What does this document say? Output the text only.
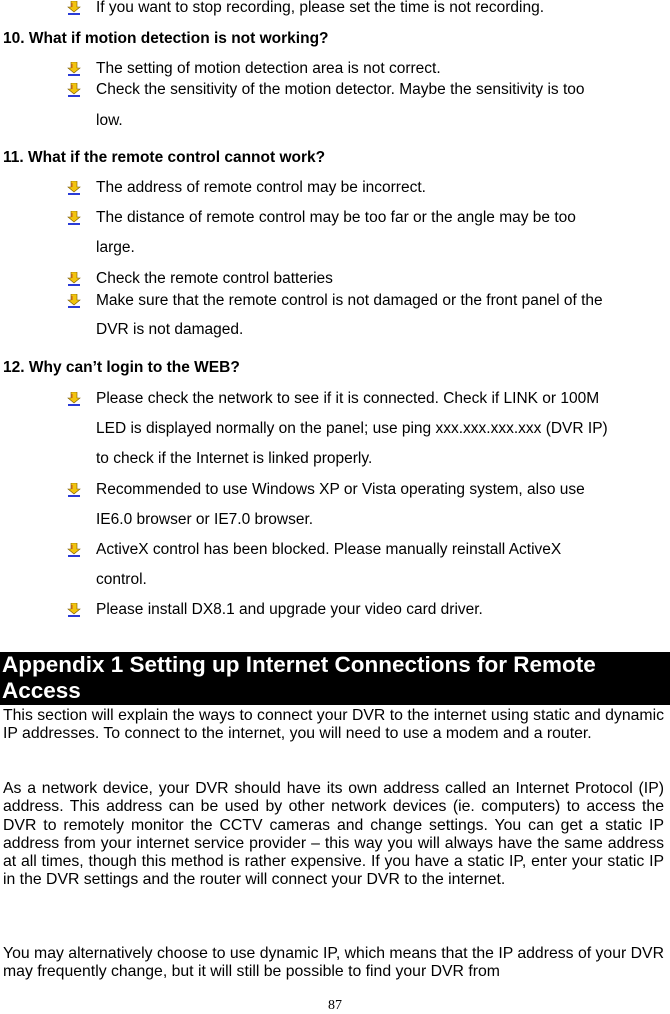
If you want to stop recording, please set the time is not recording.
10. What if motion detection is not working?
The setting of motion detection area is not correct.
Check the sensitivity of the motion detector. Maybe the sensitivity is too
low.
11. What if the remote control cannot work?
The address of remote control may be incorrect.
The distance of remote control may be too far or the angle may be too
large.
Check the remote control batteries
Make sure that the remote control is not damaged or the front panel of the
DVR is not damaged.
12. Why can’t login to the WEB?
Please check the network to see if it is connected. Check if LINK or 100M
LED is displayed normally on the panel; use ping xxx.xxx.xxx.xxx (DVR IP)
to check if the Internet is linked properly.
Recommended to use Windows XP or Vista operating system, also use
IE6.0 browser or IE7.0 browser.
ActiveX control has been blocked. Please manually reinstall ActiveX
control.
Please install DX8.1 and upgrade your video card driver.
Appendix 1 Setting up Internet Connections for Remote Access
This section will explain the ways to connect your DVR to the internet using static and dynamic IP addresses. To connect to the internet, you will need to use a modem and a router.
As a network device, your DVR should have its own address called an Internet Protocol (IP) address. This address can be used by other network devices (ie. computers) to access the DVR to remotely monitor the CCTV cameras and change settings. You can get a static IP address from your internet service provider – this way you will always have the same address at all times, though this method is rather expensive. If you have a static IP, enter your static IP in the DVR settings and the router will connect your DVR to the internet.
You may alternatively choose to use dynamic IP, which means that the IP address of your DVR may frequently change, but it will still be possible to find your DVR from
87
